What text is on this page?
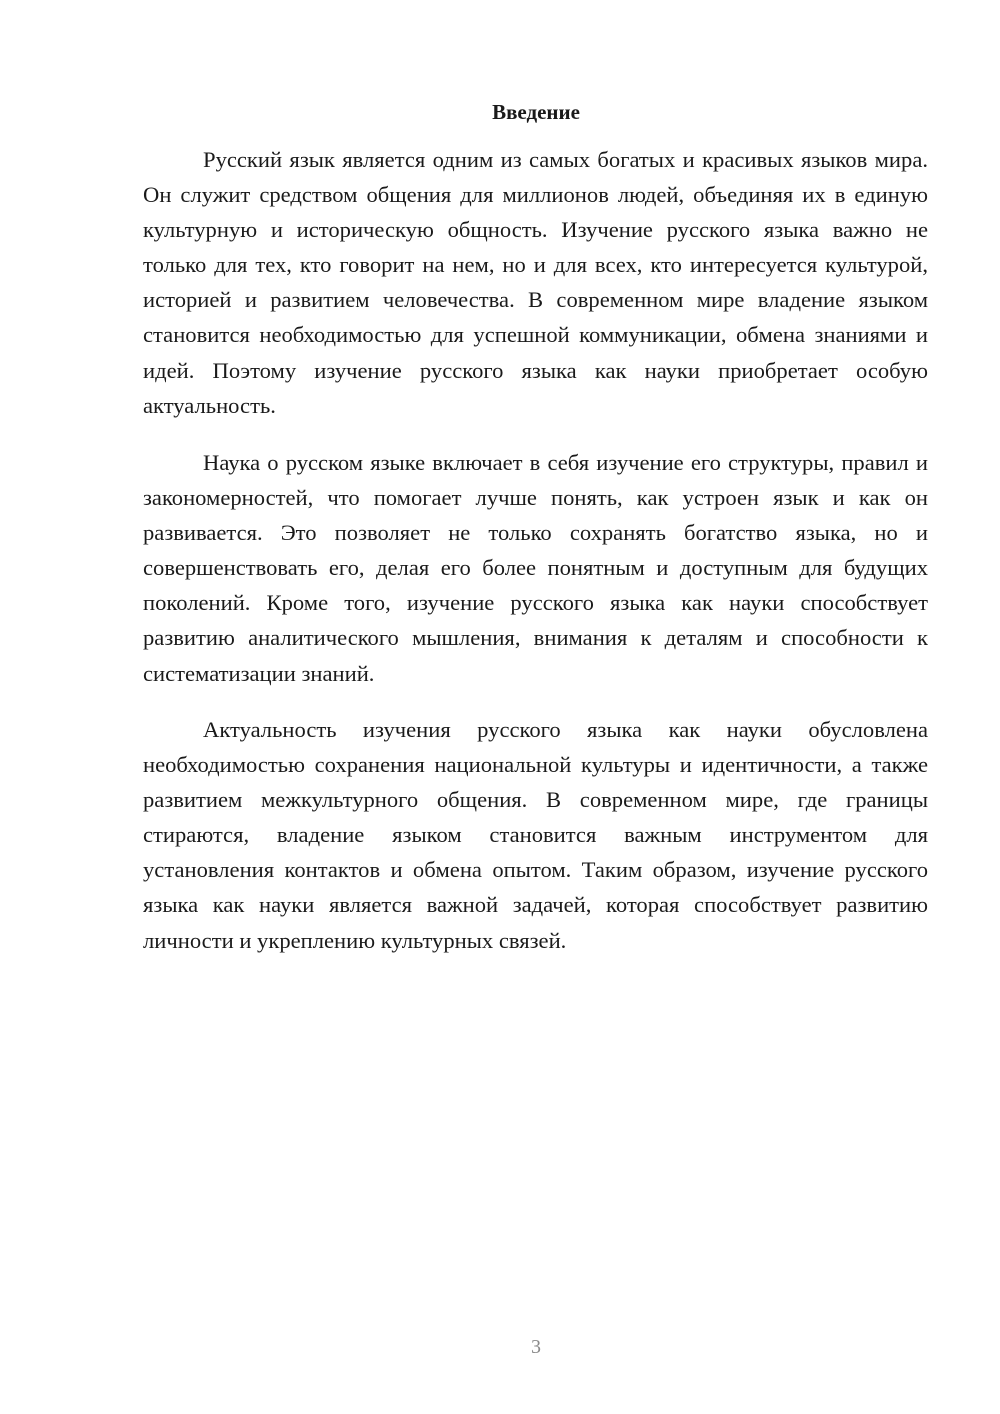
Введение

Русский язык является одним из самых богатых и красивых языков мира. Он служит средством общения для миллионов людей, объединяя их в единую культурную и историческую общность. Изучение русского языка важно не только для тех, кто говорит на нем, но и для всех, кто интересуется культурой, историей и развитием человечества. В современном мире владение языком становится необходимостью для успешной коммуникации, обмена знаниями и идей. Поэтому изучение русского языка как науки приобретает особую актуальность.

Наука о русском языке включает в себя изучение его структуры, правил и закономерностей, что помогает лучше понять, как устроен язык и как он развивается. Это позволяет не только сохранять богатство языка, но и совершенствовать его, делая его более понятным и доступным для будущих поколений. Кроме того, изучение русского языка как науки способствует развитию аналитического мышления, внимания к деталям и способности к систематизации знаний.

Актуальность изучения русского языка как науки обусловлена необходимостью сохранения национальной культуры и идентичности, а также развитием межкультурного общения. В современном мире, где границы стираются, владение языком становится важным инструментом для установления контактов и обмена опытом. Таким образом, изучение русского языка как науки является важной задачей, которая способствует развитию личности и укреплению культурных связей.

3
